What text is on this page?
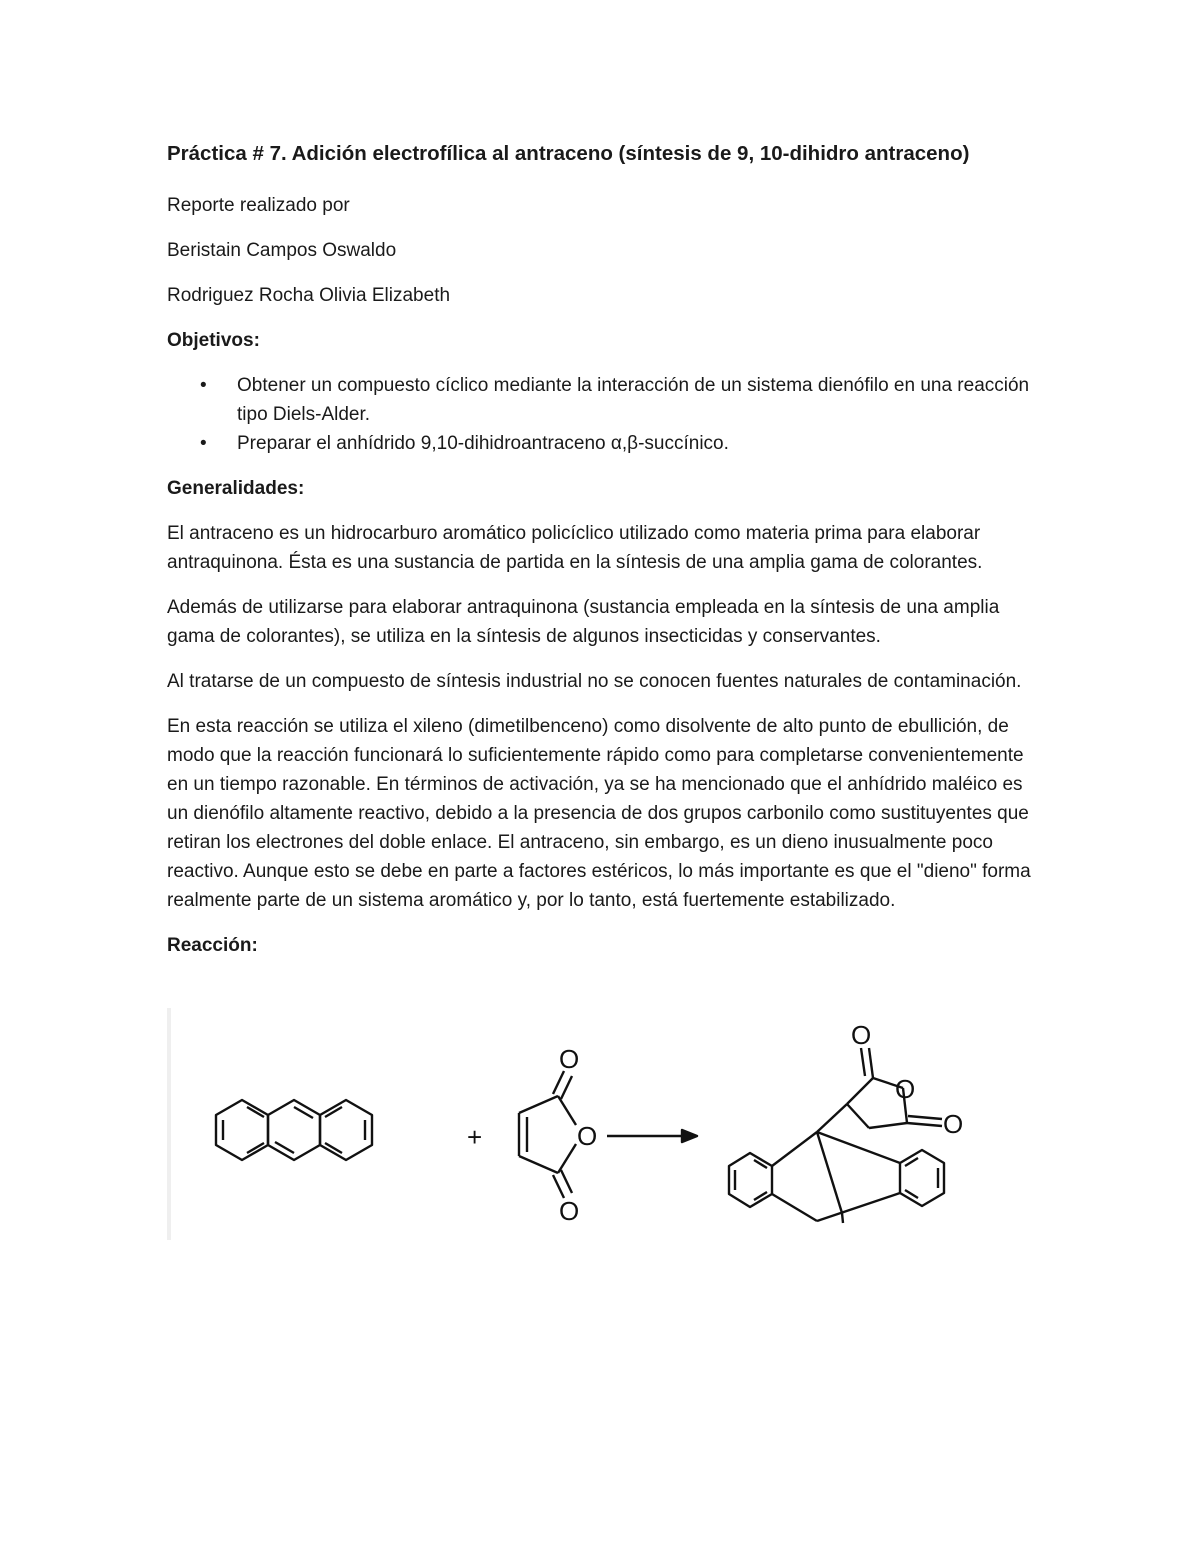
Práctica # 7. Adición electrofílica al antraceno (síntesis de 9, 10-dihidro antraceno)

Reporte realizado por

Beristain Campos Oswaldo

Rodriguez Rocha Olivia Elizabeth

Objetivos:
• Obtener un compuesto cíclico mediante la interacción de un sistema dienófilo en una reacción tipo Diels-Alder.
• Preparar el anhídrido 9,10-dihidroantraceno α,β-succínico.
Generalidades:

El antraceno es un hidrocarburo aromático policíclico utilizado como materia prima para elaborar antraquinona. Ésta es una sustancia de partida en la síntesis de una amplia gama de colorantes.

Además de utilizarse para elaborar antraquinona (sustancia empleada en la síntesis de una amplia gama de colorantes), se utiliza en la síntesis de algunos insecticidas y conservantes.

Al tratarse de un compuesto de síntesis industrial no se conocen fuentes naturales de contaminación.

En esta reacción se utiliza el xileno (dimetilbenceno) como disolvente de alto punto de ebullición, de modo que la reacción funcionará lo suficientemente rápido como para completarse convenientemente en un tiempo razonable. En términos de activación, ya se ha mencionado que el anhídrido maléico es un dienófilo altamente reactivo, debido a la presencia de dos grupos carbonilo como sustituyentes que retiran los electrones del doble enlace. El antraceno, sin embargo, es un dieno inusualmente poco reactivo. Aunque esto se debe en parte a factores estéricos, lo más importante es que el "dieno" forma realmente parte de un sistema aromático y, por lo tanto, está fuertemente estabilizado.

Reacción:
+
O
O
O
O
O
O
